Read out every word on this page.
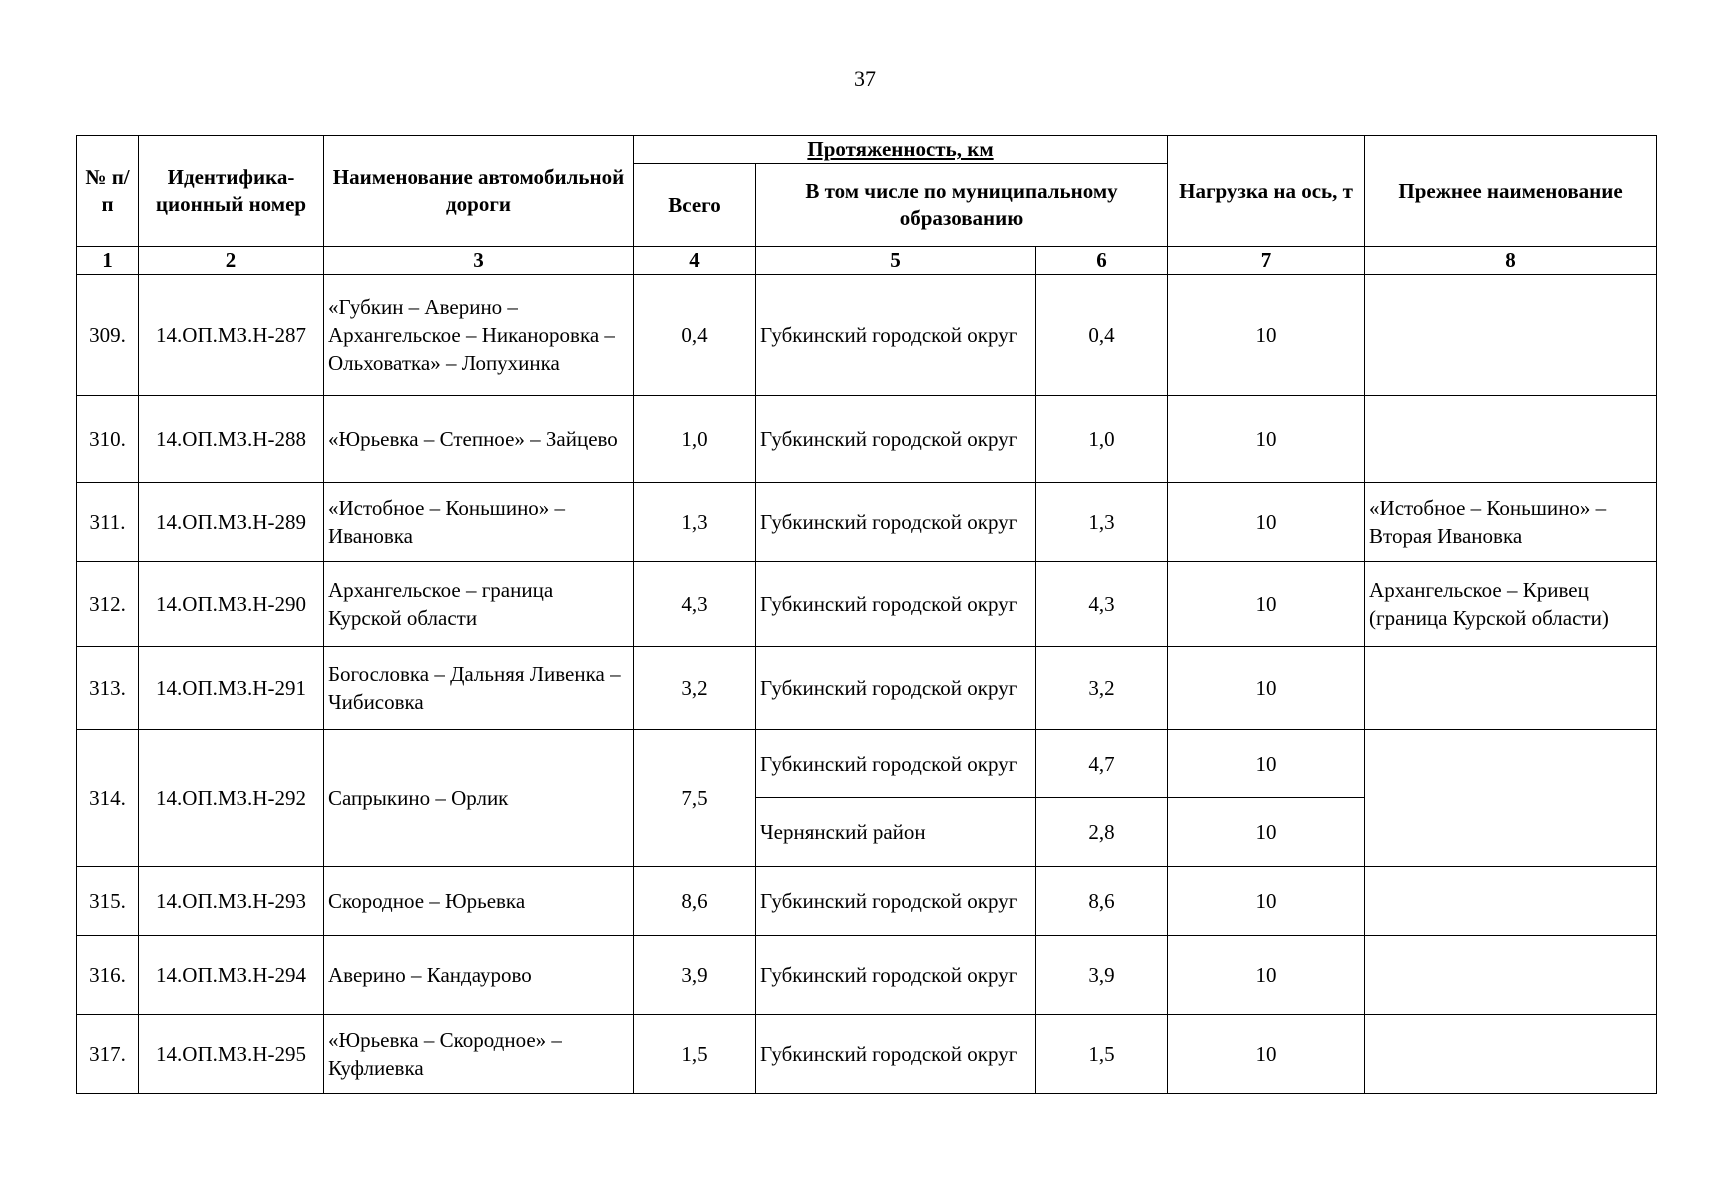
37
№ п/п	Идентифика-ционный номер	Наименование автомобильной дороги	Протяженность, км			Нагрузка на ось, т	Прежнее наименование
			Всего	В том числе по муниципальному образованию			
1	2	3	4	5	6	7	8
309.	14.ОП.МЗ.Н-287	«Губкин – Аверино – Архангельское – Никаноровка – Ольховатка» – Лопухинка	0,4	Губкинский городской округ	0,4	10	
310.	14.ОП.МЗ.Н-288	«Юрьевка – Степное» – Зайцево	1,0	Губкинский городской округ	1,0	10	
311.	14.ОП.МЗ.Н-289	«Истобное – Коньшино» – Ивановка	1,3	Губкинский городской округ	1,3	10	«Истобное – Коньшино» – Вторая Ивановка
312.	14.ОП.МЗ.Н-290	Архангельское – граница Курской области	4,3	Губкинский городской округ	4,3	10	Архангельское – Кривец (граница Курской области)
313.	14.ОП.МЗ.Н-291	Богословка – Дальняя Ливенка – Чибисовка	3,2	Губкинский городской округ	3,2	10	
314.	14.ОП.МЗ.Н-292	Сапрыкино – Орлик	7,5	Губкинский городской округ	4,7	10	
				Чернянский район	2,8	10	
315.	14.ОП.МЗ.Н-293	Скородное – Юрьевка	8,6	Губкинский городской округ	8,6	10	
316.	14.ОП.МЗ.Н-294	Аверино – Кандаурово	3,9	Губкинский городской округ	3,9	10	
317.	14.ОП.МЗ.Н-295	«Юрьевка – Скородное» – Куфлиевка	1,5	Губкинский городской округ	1,5	10	
